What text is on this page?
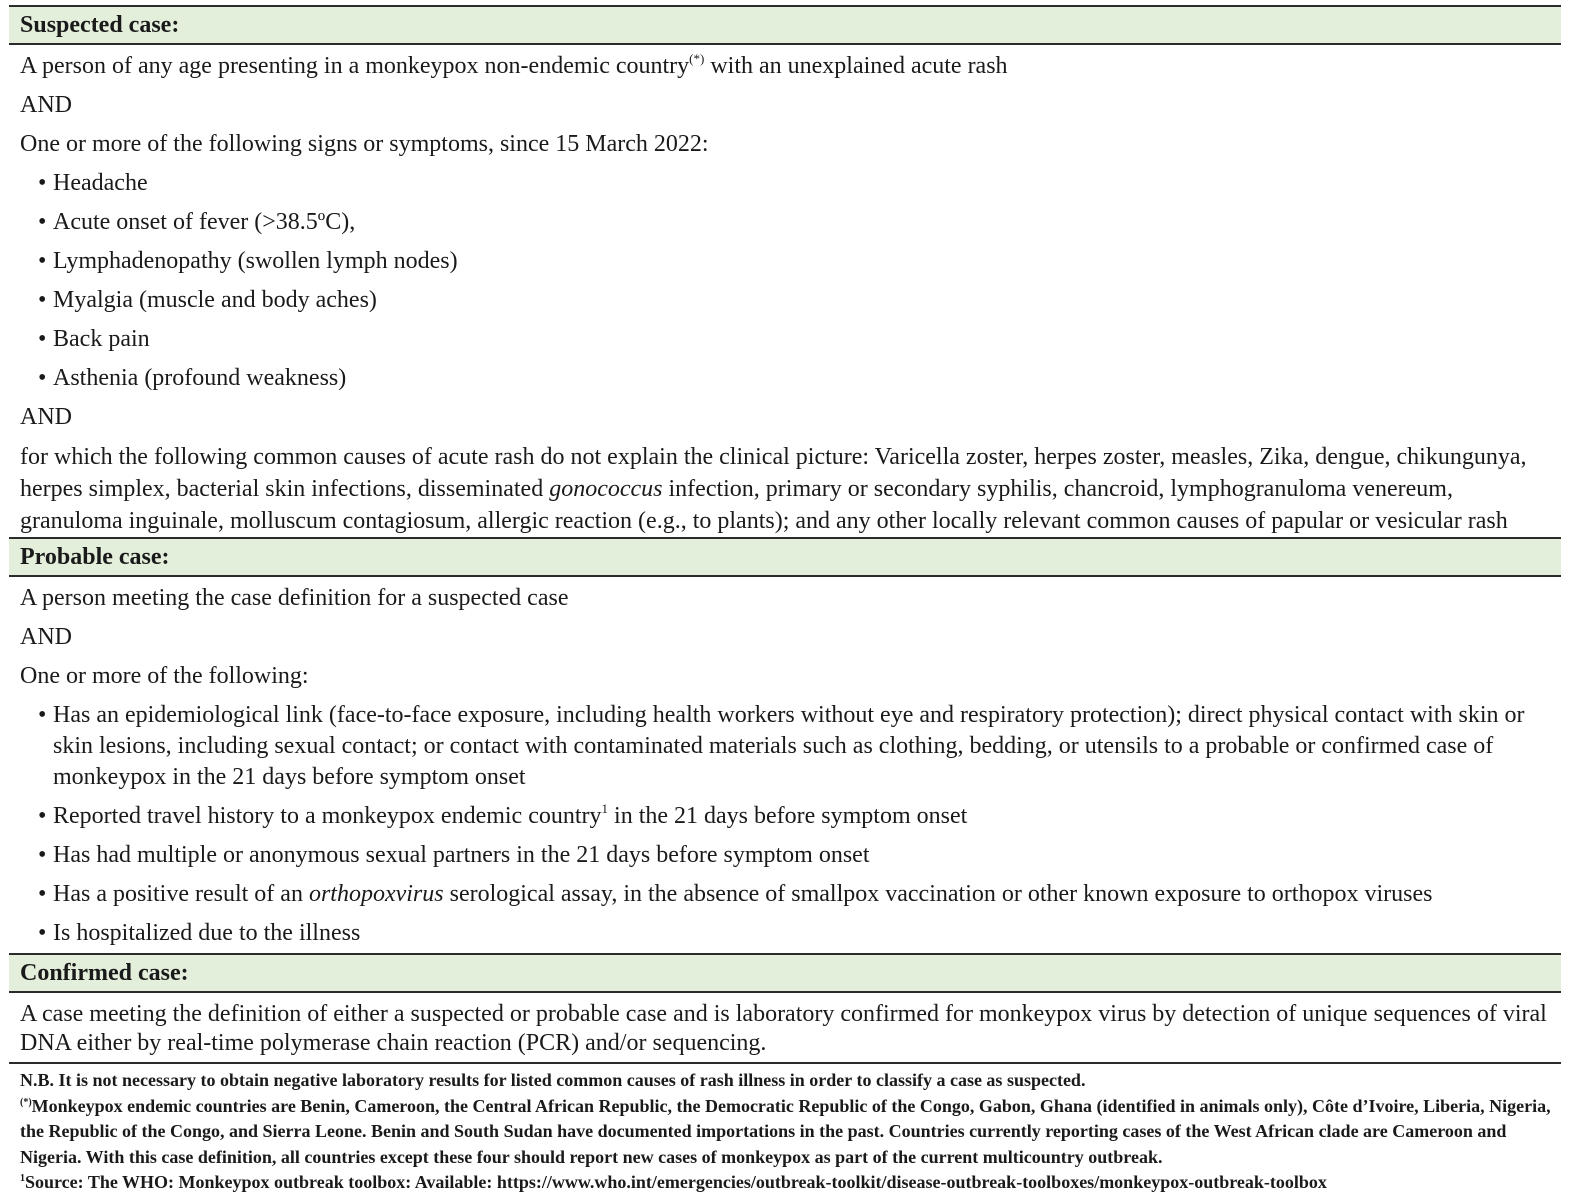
Suspected case:
A person of any age presenting in a monkeypox non-endemic country(*) with an unexplained acute rash
AND
One or more of the following signs or symptoms, since 15 March 2022:
• Headache
• Acute onset of fever (>38.5ºC),
• Lymphadenopathy (swollen lymph nodes)
• Myalgia (muscle and body aches)
• Back pain
• Asthenia (profound weakness)
AND
for which the following common causes of acute rash do not explain the clinical picture: Varicella zoster, herpes zoster, measles, Zika, dengue, chikungunya, herpes simplex, bacterial skin infections, disseminated gonococcus infection, primary or secondary syphilis, chancroid, lymphogranuloma venereum, granuloma inguinale, molluscum contagiosum, allergic reaction (e.g., to plants); and any other locally relevant common causes of papular or vesicular rash
Probable case:
A person meeting the case definition for a suspected case
AND
One or more of the following:
• Has an epidemiological link (face-to-face exposure, including health workers without eye and respiratory protection); direct physical contact with skin or skin lesions, including sexual contact; or contact with contaminated materials such as clothing, bedding, or utensils to a probable or confirmed case of monkeypox in the 21 days before symptom onset
• Reported travel history to a monkeypox endemic country$^1$ in the 21 days before symptom onset
• Has had multiple or anonymous sexual partners in the 21 days before symptom onset
• Has a positive result of an orthopoxvirus serological assay, in the absence of smallpox vaccination or other known exposure to orthopox viruses
• Is hospitalized due to the illness
Confirmed case:
A case meeting the definition of either a suspected or probable case and is laboratory confirmed for monkeypox virus by detection of unique sequences of viral DNA either by real-time polymerase chain reaction (PCR) and/or sequencing.
N.B. It is not necessary to obtain negative laboratory results for listed common causes of rash illness in order to classify a case as suspected.
(*)Monkeypox endemic countries are Benin, Cameroon, the Central African Republic, the Democratic Republic of the Congo, Gabon, Ghana (identified in animals only), Côte d’Ivoire, Liberia, Nigeria, the Republic of the Congo, and Sierra Leone. Benin and South Sudan have documented importations in the past. Countries currently reporting cases of the West African clade are Cameroon and Nigeria. With this case definition, all countries except these four should report new cases of monkeypox as part of the current multicountry outbreak.
$^1$Source: The WHO: Monkeypox outbreak toolbox: Available: https://www.who.int/emergencies/outbreak-toolkit/disease-outbreak-toolboxes/monkeypox-outbreak-toolbox
